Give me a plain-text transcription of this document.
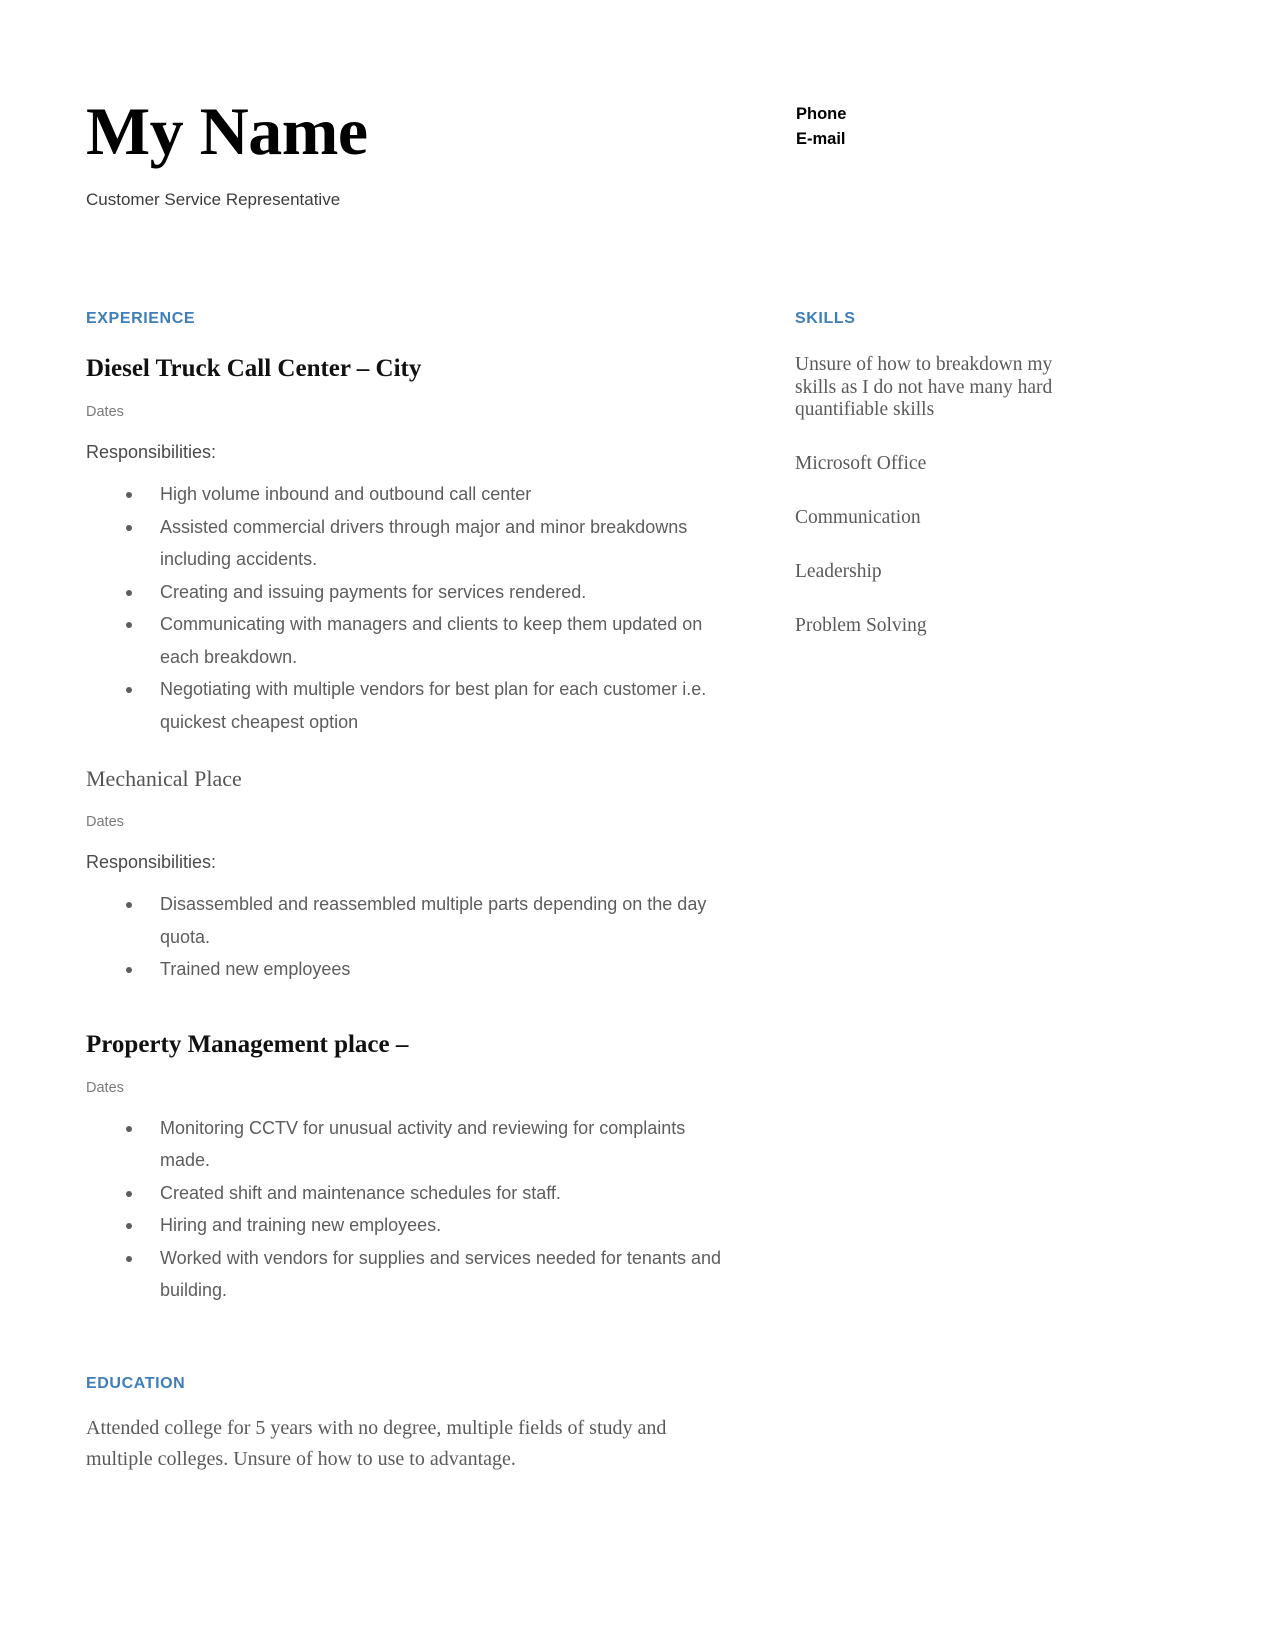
My Name
Customer Service Representative
Phone
E-mail
EXPERIENCE
Diesel Truck Call Center – City
Dates
Responsibilities:
High volume inbound and outbound call center
Assisted commercial drivers through major and minor breakdowns including accidents.
Creating and issuing payments for services rendered.
Communicating with managers and clients to keep them updated on each breakdown.
Negotiating with multiple vendors for best plan for each customer i.e. quickest cheapest option
Mechanical Place
Dates
Responsibilities:
Disassembled and reassembled multiple parts depending on the day quota.
Trained new employees
Property Management place –
Dates
Monitoring CCTV for unusual activity and reviewing for complaints made.
Created shift and maintenance schedules for staff.
Hiring and training new employees.
Worked with vendors for supplies and services needed for tenants and building.
EDUCATION
Attended college for 5 years with no degree, multiple fields of study and multiple colleges. Unsure of how to use to advantage.
SKILLS
Unsure of how to breakdown my skills as I do not have many hard quantifiable skills
Microsoft Office
Communication
Leadership
Problem Solving
